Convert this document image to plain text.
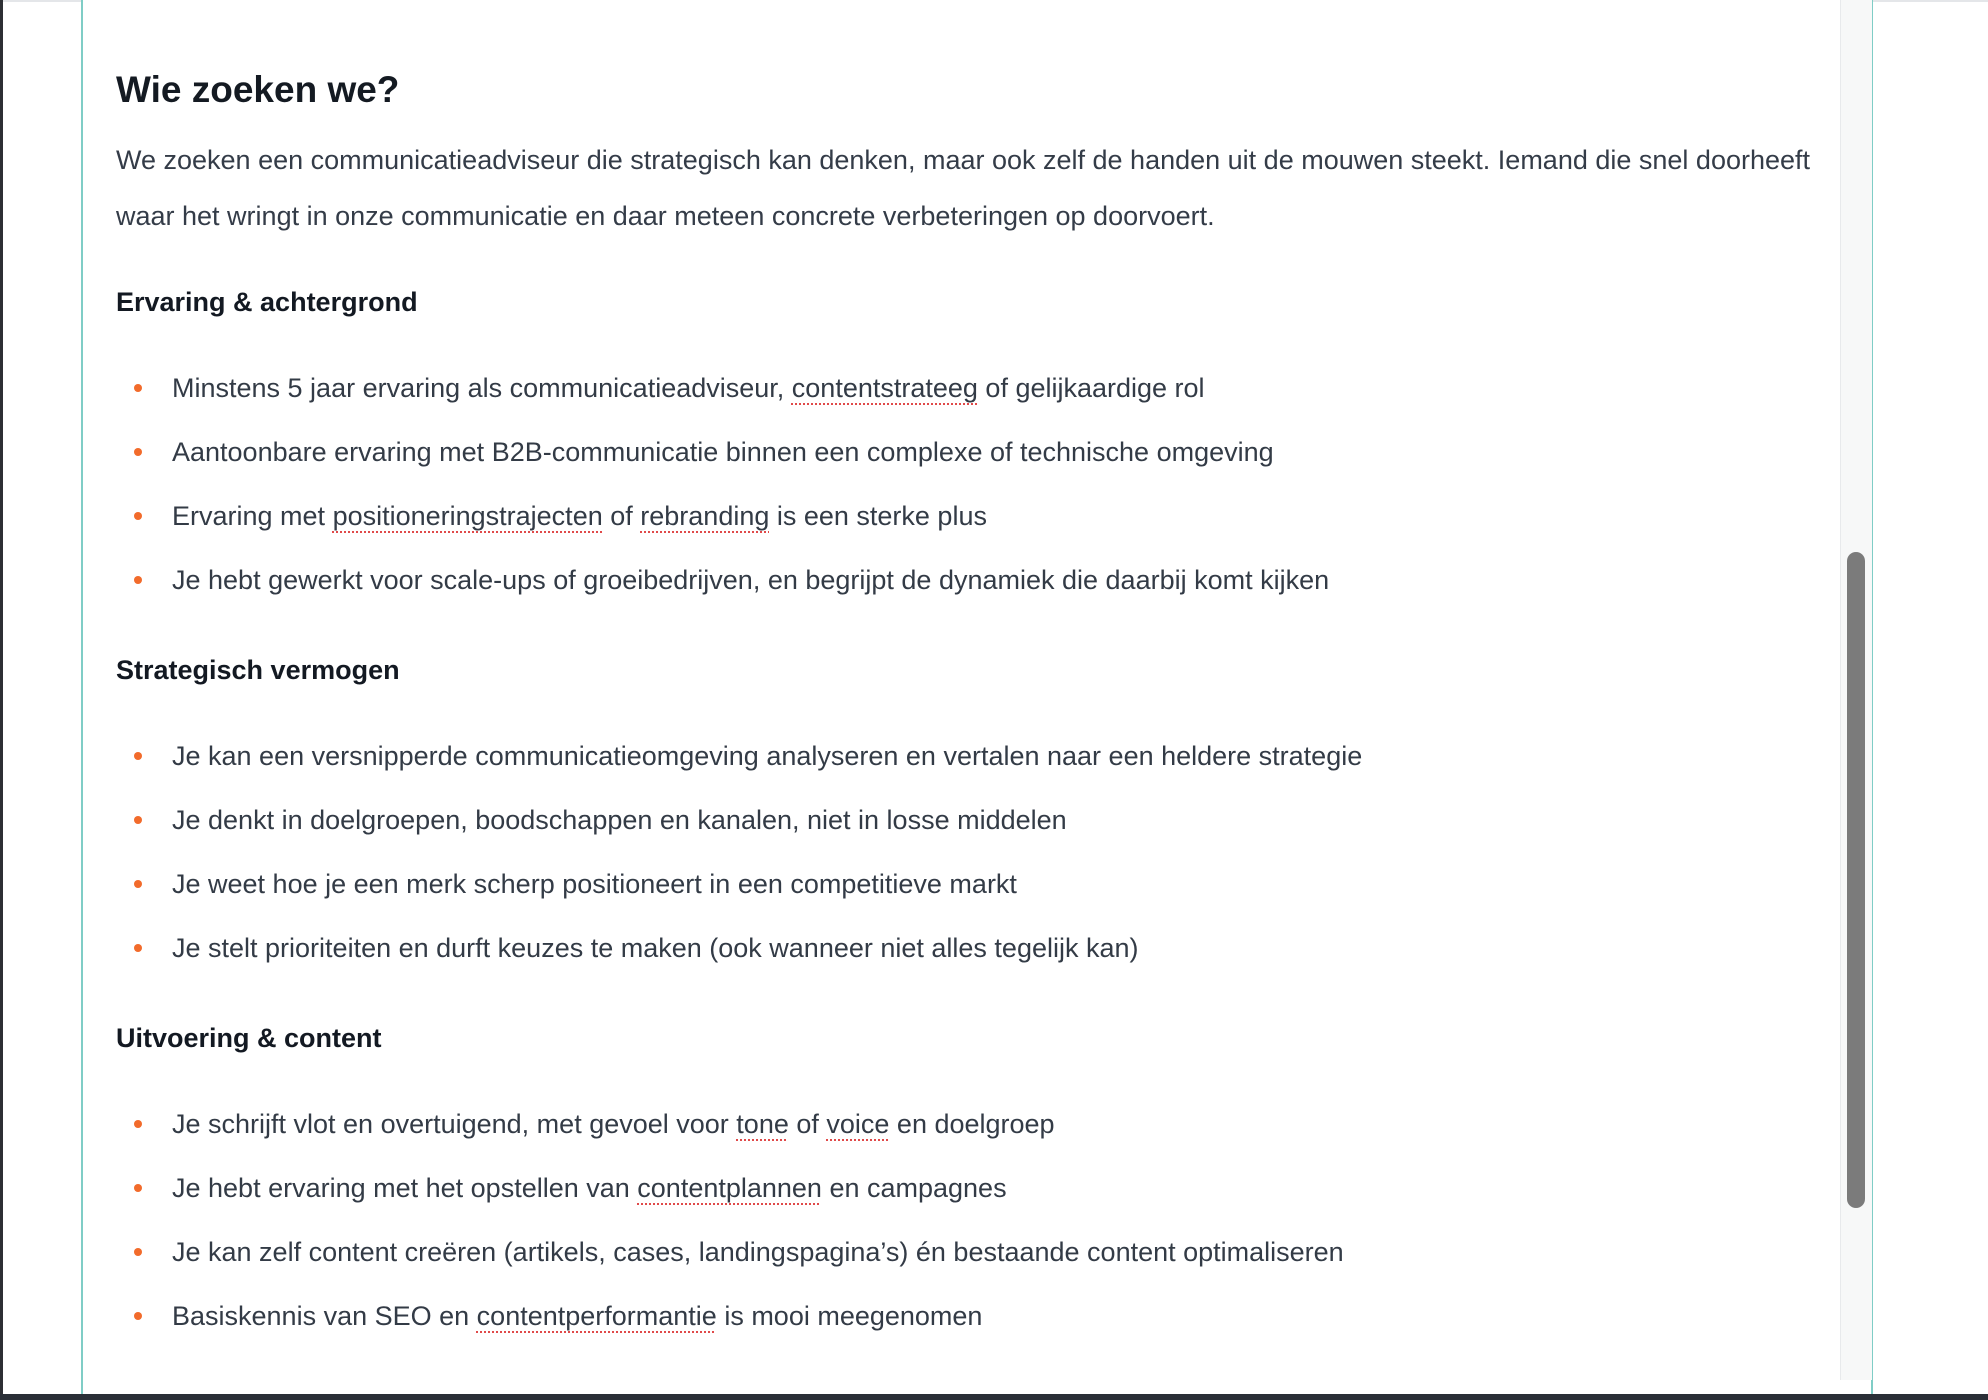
Wie zoeken we?

We zoeken een communicatieadviseur die strategisch kan denken, maar ook zelf de handen uit de mouwen steekt. Iemand die snel doorheeft waar het wringt in onze communicatie en daar meteen concrete verbeteringen op doorvoert.

Ervaring & achtergrond
Minstens 5 jaar ervaring als communicatieadviseur, contentstrateeg of gelijkaardige rol
Aantoonbare ervaring met B2B-communicatie binnen een complexe of technische omgeving
Ervaring met positioneringstrajecten of rebranding is een sterke plus
Je hebt gewerkt voor scale-ups of groeibedrijven, en begrijpt de dynamiek die daarbij komt kijken
Strategisch vermogen
Je kan een versnipperde communicatieomgeving analyseren en vertalen naar een heldere strategie
Je denkt in doelgroepen, boodschappen en kanalen, niet in losse middelen
Je weet hoe je een merk scherp positioneert in een competitieve markt
Je stelt prioriteiten en durft keuzes te maken (ook wanneer niet alles tegelijk kan)
Uitvoering & content
Je schrijft vlot en overtuigend, met gevoel voor tone of voice en doelgroep
Je hebt ervaring met het opstellen van contentplannen en campagnes
Je kan zelf content creëren (artikels, cases, landingspagina’s) én bestaande content optimaliseren
Basiskennis van SEO en contentperformantie is mooi meegenomen
